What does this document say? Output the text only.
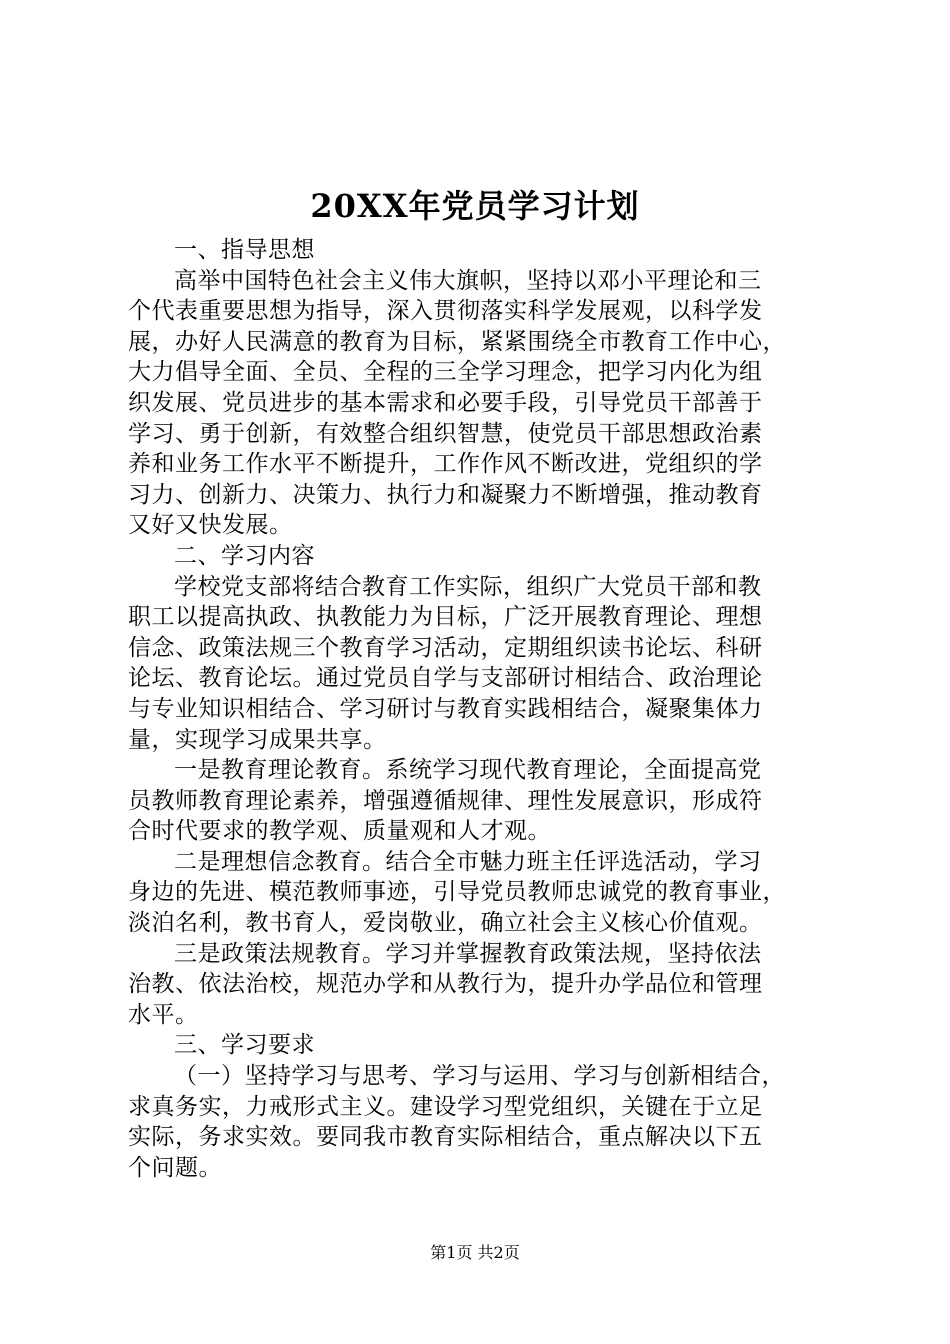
20XX年党员学习计划
一、指导思想
高举中国特色社会主义伟大旗帜，坚持以邓小平理论和三
个代表重要思想为指导，深入贯彻落实科学发展观，以科学发
展，办好人民满意的教育为目标，紧紧围绕全市教育工作中心，
大力倡导全面、全员、全程的三全学习理念，把学习内化为组
织发展、党员进步的基本需求和必要手段，引导党员干部善于
学习、勇于创新，有效整合组织智慧，使党员干部思想政治素
养和业务工作水平不断提升，工作作风不断改进，党组织的学
习力、创新力、决策力、执行力和凝聚力不断增强，推动教育
又好又快发展。
二、学习内容
学校党支部将结合教育工作实际，组织广大党员干部和教
职工以提高执政、执教能力为目标，广泛开展教育理论、理想
信念、政策法规三个教育学习活动，定期组织读书论坛、科研
论坛、教育论坛。通过党员自学与支部研讨相结合、政治理论
与专业知识相结合、学习研讨与教育实践相结合，凝聚集体力
量，实现学习成果共享。
一是教育理论教育。系统学习现代教育理论，全面提高党
员教师教育理论素养，增强遵循规律、理性发展意识，形成符
合时代要求的教学观、质量观和人才观。
二是理想信念教育。结合全市魅力班主任评选活动，学习
身边的先进、模范教师事迹，引导党员教师忠诚党的教育事业，
淡泊名利，教书育人，爱岗敬业，确立社会主义核心价值观。
三是政策法规教育。学习并掌握教育政策法规，坚持依法
治教、依法治校，规范办学和从教行为，提升办学品位和管理
水平。
三、学习要求
（一）坚持学习与思考、学习与运用、学习与创新相结合，
求真务实，力戒形式主义。建设学习型党组织，关键在于立足
实际，务求实效。要同我市教育实际相结合，重点解决以下五
个问题。
第1页 共2页
